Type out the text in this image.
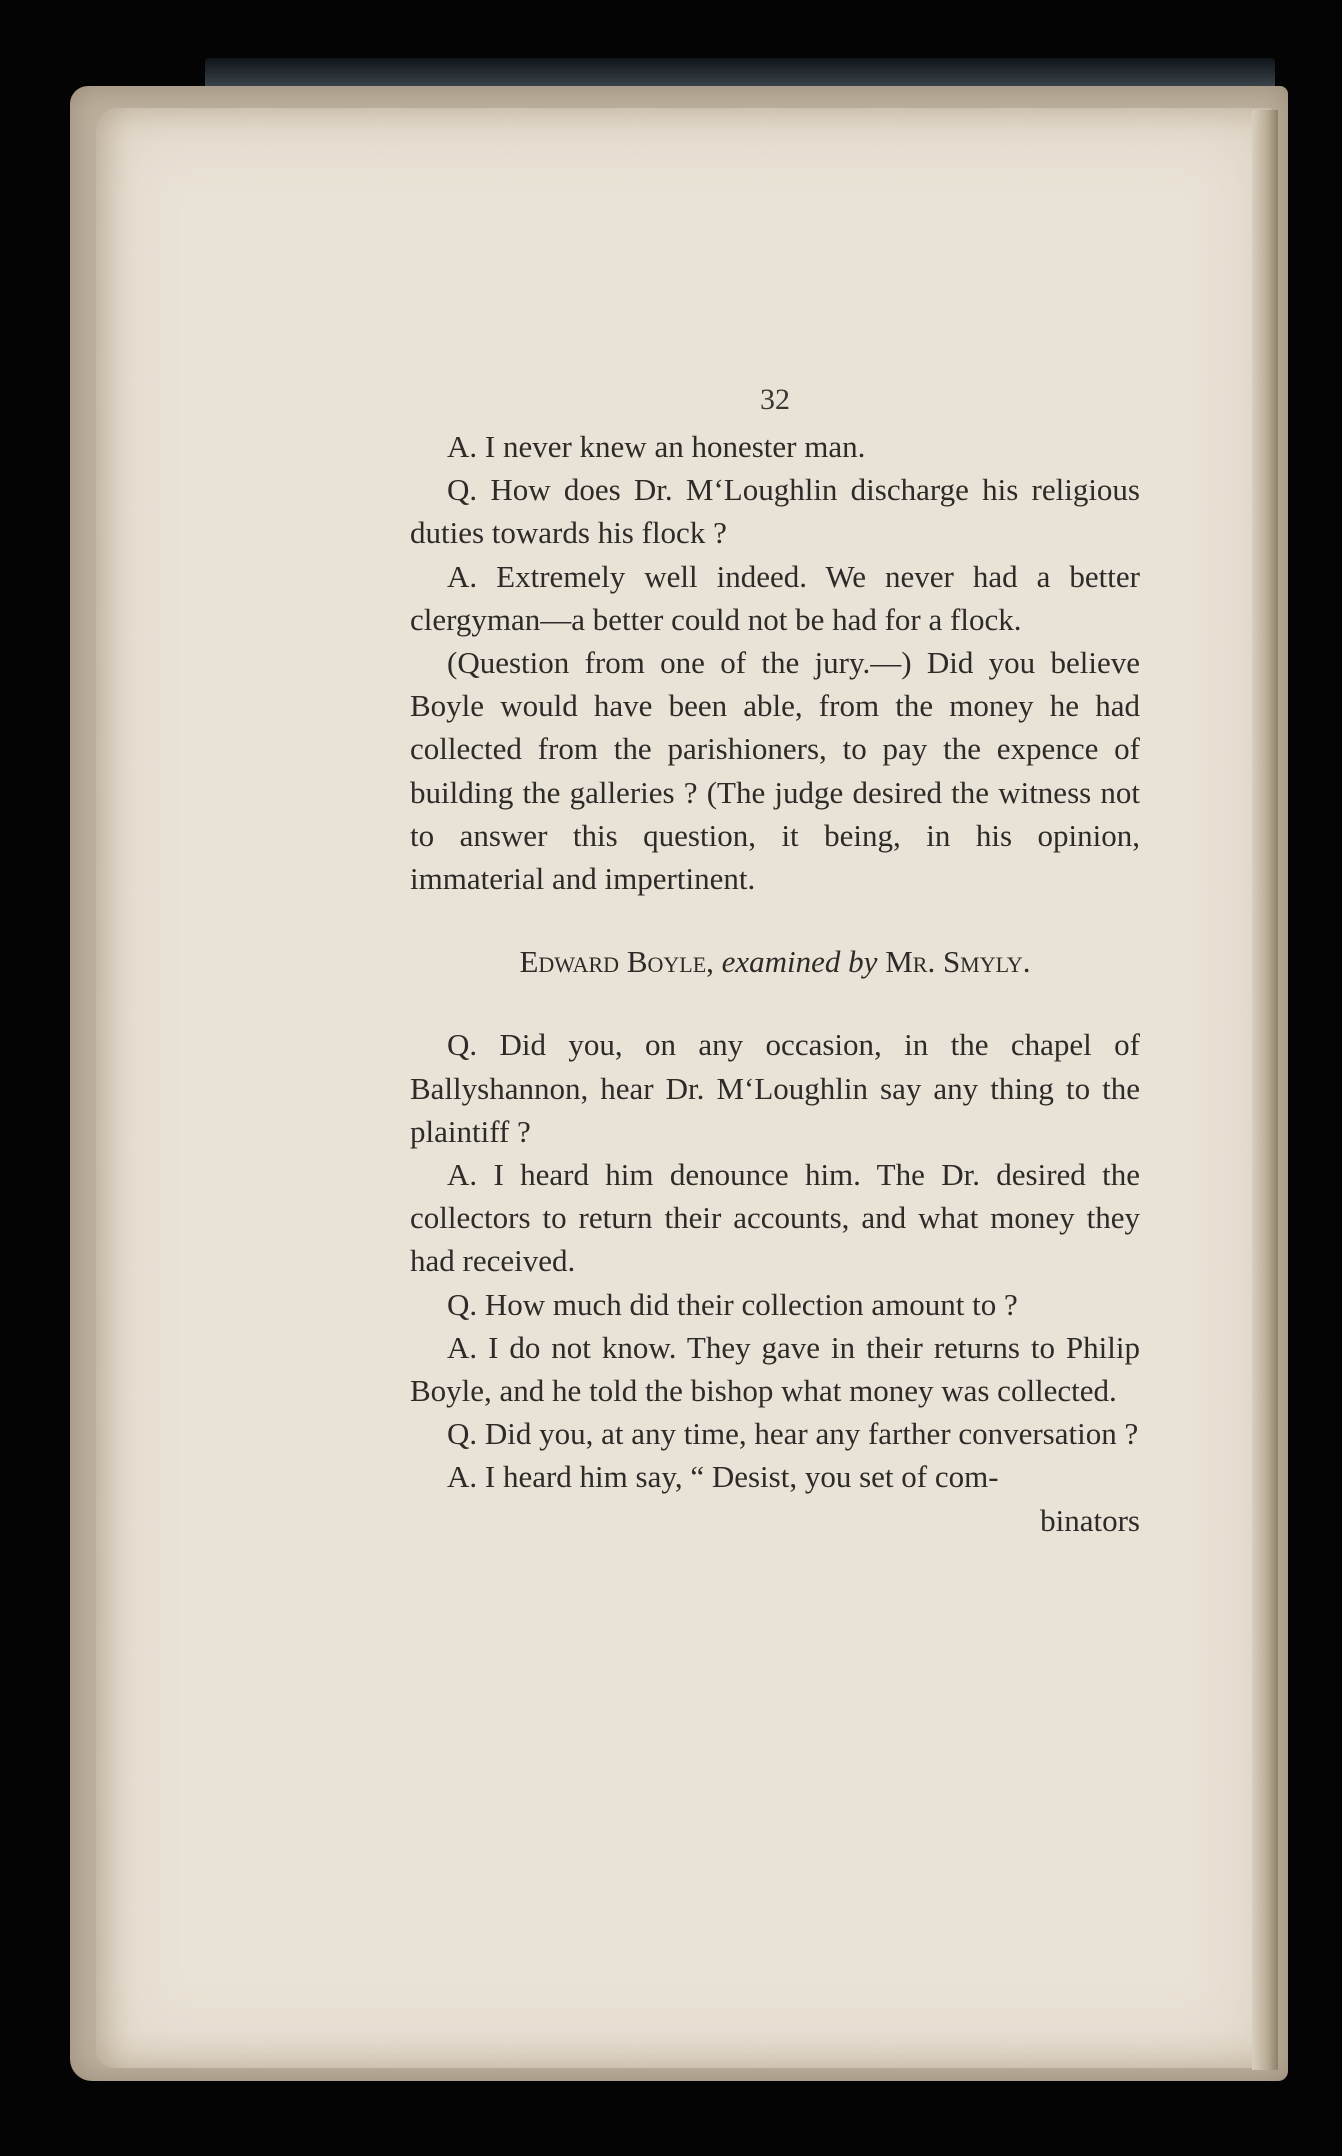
32

A. I never knew an honester man.

Q. How does Dr. M‘Loughlin discharge his religious duties towards his flock ?

A. Extremely well indeed. We never had a better clergyman—a better could not be had for a flock.

(Question from one of the jury.—) Did you believe Boyle would have been able, from the money he had collected from the parishioners, to pay the expence of building the galleries ? (The judge desired the witness not to answer this question, it being, in his opinion, immaterial and impertinent.

Edward Boyle, examined by Mr. Smyly.

Q. Did you, on any occasion, in the chapel of Ballyshannon, hear Dr. M‘Loughlin say any thing to the plaintiff ?

A. I heard him denounce him. The Dr. desired the collectors to return their accounts, and what money they had received.

Q. How much did their collection amount to ?

A. I do not know. They gave in their returns to Philip Boyle, and he told the bishop what money was collected.

Q. Did you, at any time, hear any farther conversation ?

A. I heard him say, “ Desist, you set of com-

binators
